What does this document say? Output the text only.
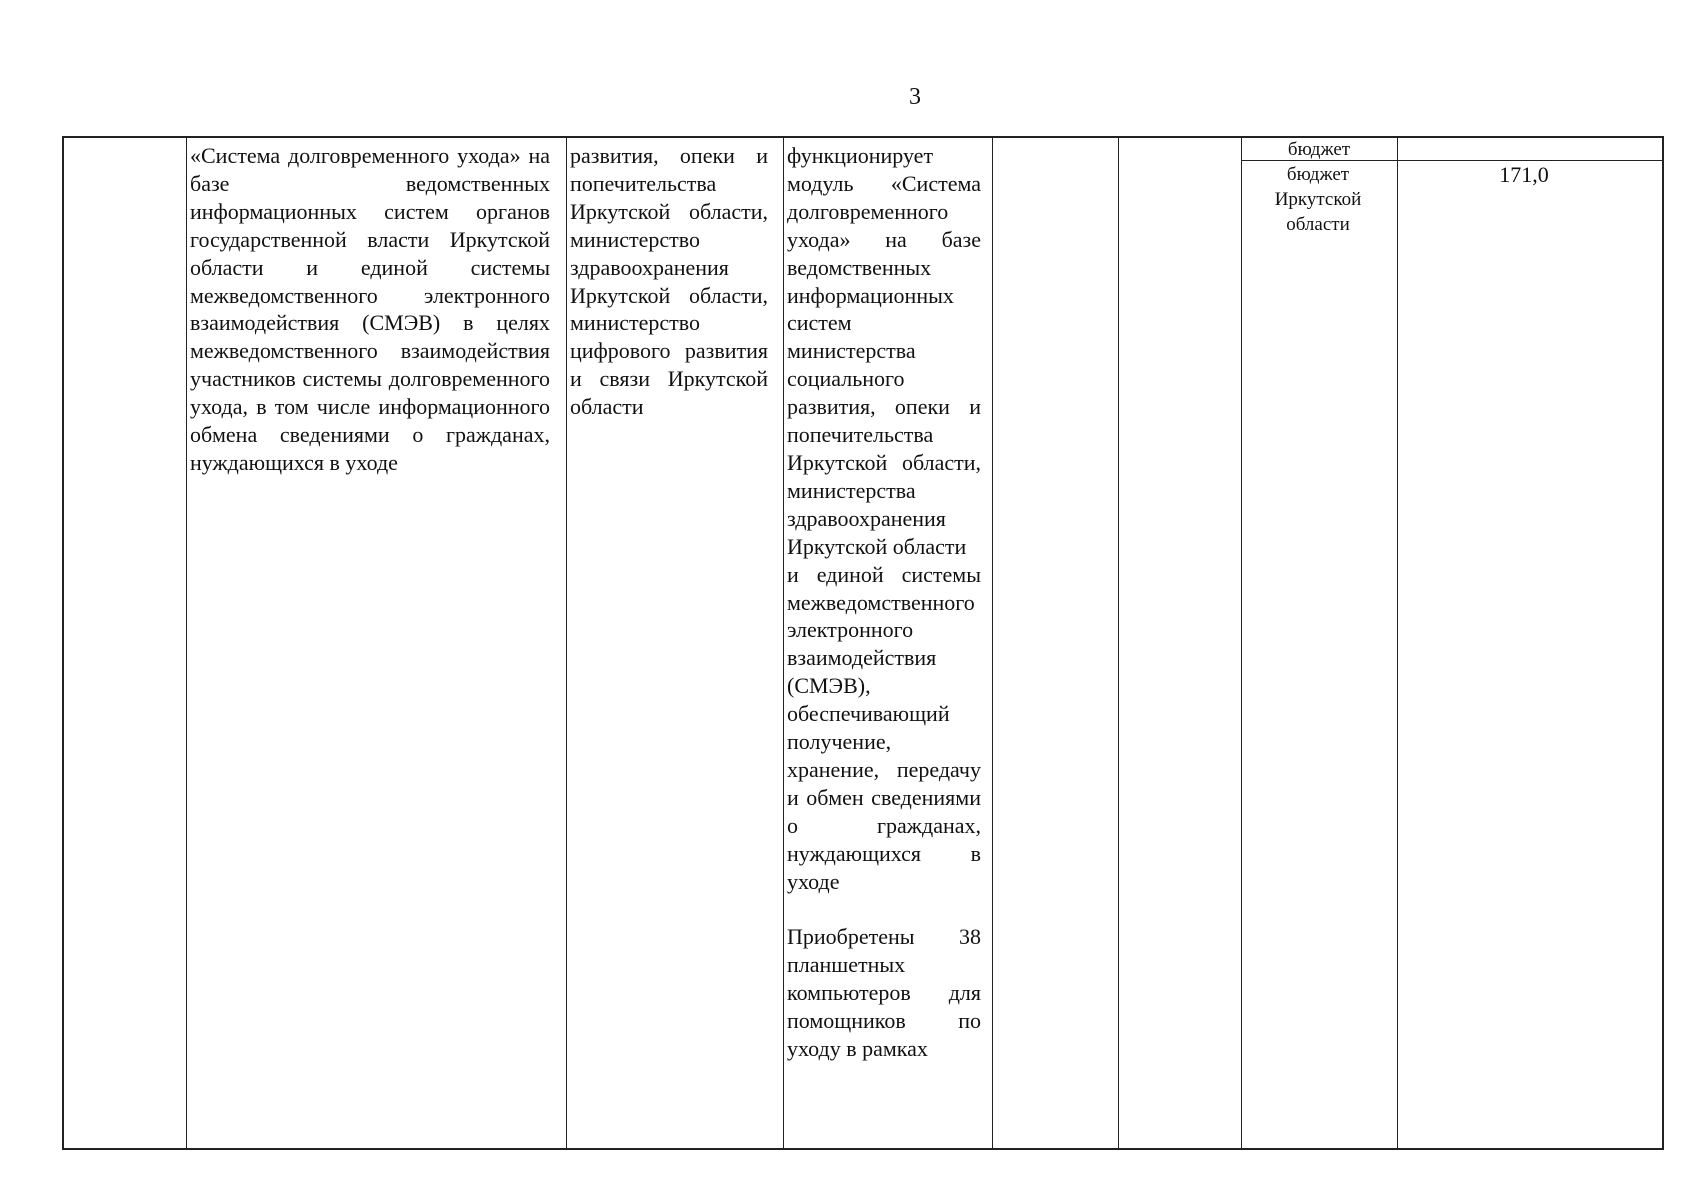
3

«Система долговременного ухода» на базе ведомственных информационных систем органов государственной власти Иркутской области и единой системы межведомственного электронного взаимодействия (СМЭВ) в целях межведомственного взаимодействия участников системы долговременного ухода, в том числе информационного обмена сведениями о гражданах, нуждающихся в уходе

развития, опеки и попечительства Иркутской области, министерство здравоохранения Иркутской области, министерство цифрового развития и связи Иркутской области

функционирует модуль «Система долговременного ухода» на базе ведомственных информационных систем министерства социального развития, опеки и попечительства Иркутской области, министерства здравоохранения Иркутской области

и единой системы межведомственного электронного взаимодействия (СМЭВ), обеспечивающий получение, хранение, передачу и обмен сведениями о гражданах, нуждающихся в уходе

Приобретены 38 планшетных компьютеров для помощников по уходу в рамках

бюджет
бюджет Иркутской области
171,0
